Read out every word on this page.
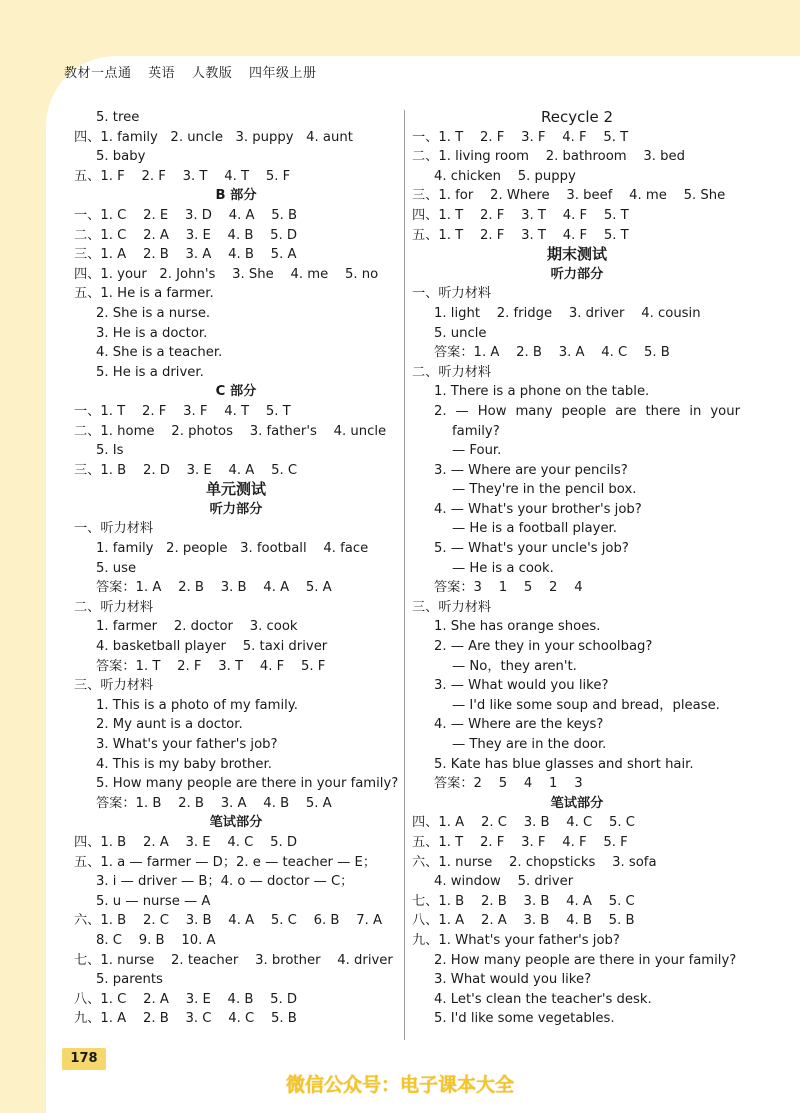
教材一点通 英语 人教版 四年级上册
5. tree
四、1. family   2. uncle   3. puppy   4. aunt
5. baby
五、1. F    2. F    3. T    4. T    5. F
B 部分
一、1. C    2. E    3. D    4. A    5. B
二、1. C    2. A    3. E    4. B    5. D
三、1. A    2. B    3. A    4. B    5. A
四、1. your   2. John's    3. She    4. me    5. no
五、1. He is a farmer.
2. She is a nurse.
3. He is a doctor.
4. She is a teacher.
5. He is a driver.
C 部分
一、1. T    2. F    3. F    4. T    5. T
二、1. home    2. photos    3. father's    4. uncle
5. Is
三、1. B    2. D    3. E    4. A    5. C
单元测试
听力部分
一、听力材料
1. family   2. people   3. football    4. face
5. use
答案：1. A    2. B    3. B    4. A    5. A
二、听力材料
1. farmer    2. doctor    3. cook
4. basketball player    5. taxi driver
答案：1. T    2. F    3. T    4. F    5. F
三、听力材料
1. This is a photo of my family.
2. My aunt is a doctor.
3. What's your father's job?
4. This is my baby brother.
5. How many people are there in your family?
答案：1. B    2. B    3. A    4. B    5. A
笔试部分
四、1. B    2. A    3. E    4. C    5. D
五、1. a — farmer — D；2. e — teacher — E；
3. i — driver — B；4. o — doctor — C；
5. u — nurse — A
六、1. B    2. C    3. B    4. A    5. C    6. B    7. A
8. C    9. B    10. A
七、1. nurse    2. teacher    3. brother    4. driver
5. parents
八、1. C    2. A    3. E    4. B    5. D
九、1. A    2. B    3. C    4. C    5. B
Recycle 2
一、1. T    2. F    3. F    4. F    5. T
二、1. living room    2. bathroom    3. bed
4. chicken    5. puppy
三、1. for    2. Where    3. beef    4. me    5. She
四、1. T    2. F    3. T    4. F    5. T
五、1. T    2. F    3. T    4. F    5. T
期末测试
听力部分
一、听力材料
1. light    2. fridge    3. driver    4. cousin
5. uncle
答案：1. A    2. B    3. A    4. C    5. B
二、听力材料
1. There is a phone on the table.
2. — How many people are there in your
family?
— Four.
3. — Where are your pencils?
— They're in the pencil box.
4. — What's your brother's job?
— He is a football player.
5. — What's your uncle's job?
— He is a cook.
答案：3    1    5    2    4
三、听力材料
1. She has orange shoes.
2. — Are they in your schoolbag?
— No，they aren't.
3. — What would you like?
— I'd like some soup and bread，please.
4. — Where are the keys?
— They are in the door.
5. Kate has blue glasses and short hair.
答案：2    5    4    1    3
笔试部分
四、1. A    2. C    3. B    4. C    5. C
五、1. T    2. F    3. F    4. F    5. F
六、1. nurse    2. chopsticks    3. sofa
4. window    5. driver
七、1. B    2. B    3. B    4. A    5. C
八、1. A    2. A    3. B    4. B    5. B
九、1. What's your father's job?
2. How many people are there in your family?
3. What would you like?
4. Let's clean the teacher's desk.
5. I'd like some vegetables.
178
微信公众号：电子课本大全
